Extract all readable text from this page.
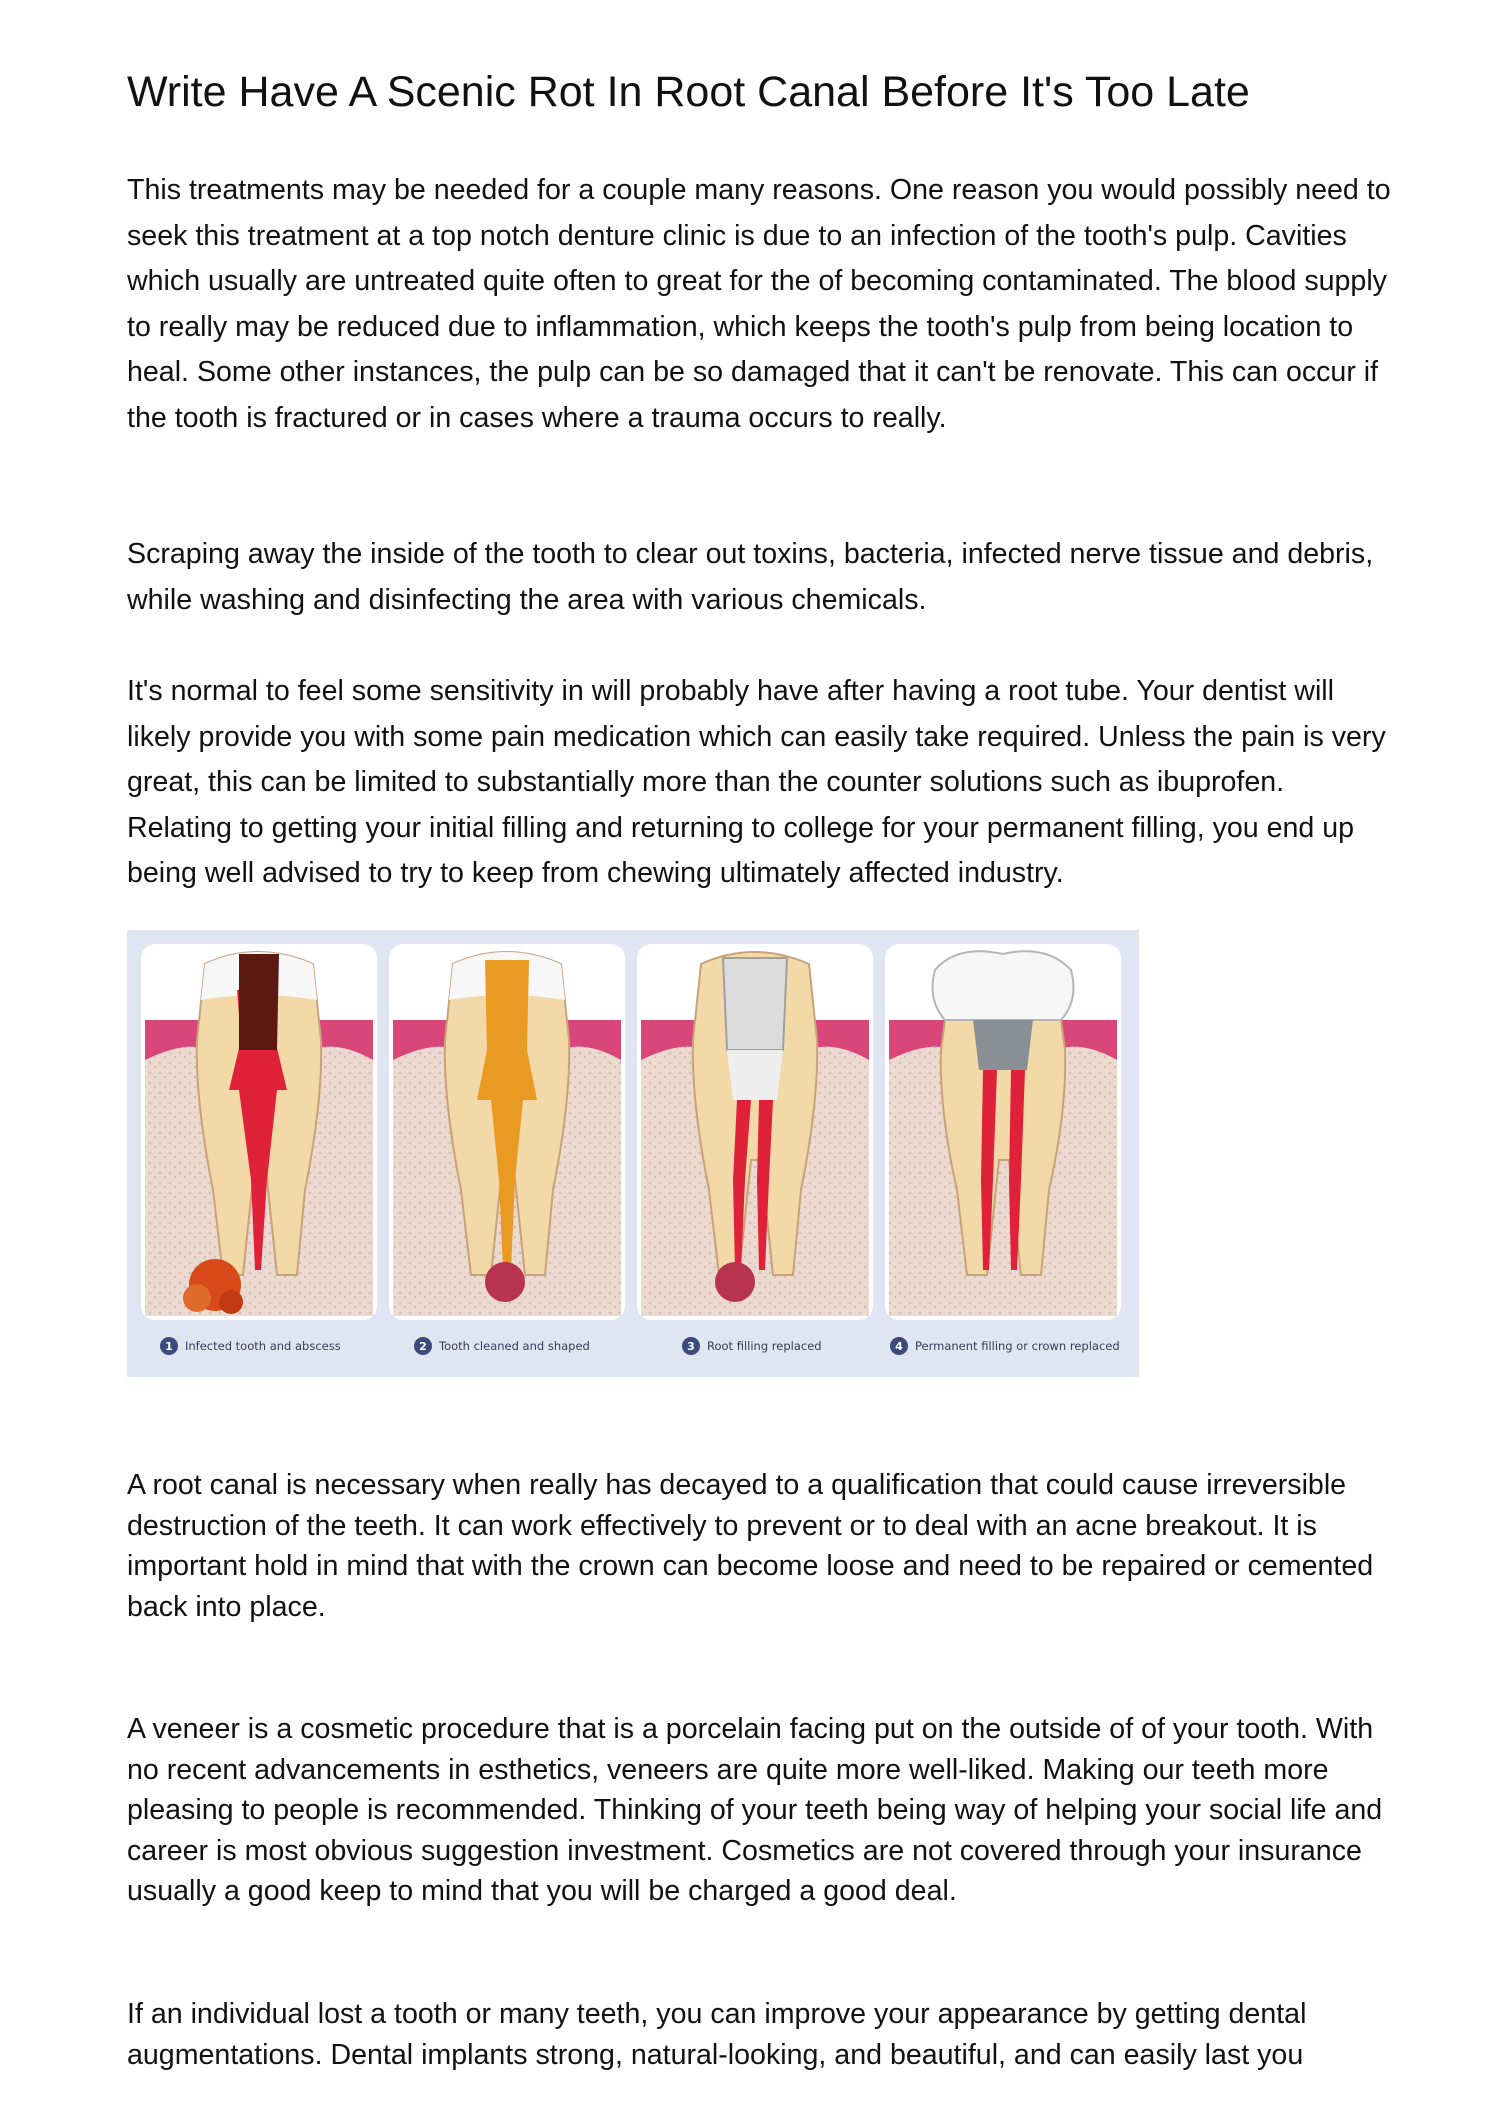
Write Have A Scenic Rot In Root Canal Before It's Too Late

This treatments may be needed for a couple many reasons. One reason you would possibly need to seek this treatment at a top notch denture clinic is due to an infection of the tooth's pulp. Cavities which usually are untreated quite often to great for the of becoming contaminated. The blood supply to really may be reduced due to inflammation, which keeps the tooth's pulp from being location to heal. Some other instances, the pulp can be so damaged that it can't be renovate. This can occur if the tooth is fractured or in cases where a trauma occurs to really.

Scraping away the inside of the tooth to clear out toxins, bacteria, infected nerve tissue and debris, while washing and disinfecting the area with various chemicals.

It's normal to feel some sensitivity in will probably have after having a root tube. Your dentist will likely provide you with some pain medication which can easily take required. Unless the pain is very great, this can be limited to substantially more than the counter solutions such as ibuprofen. Relating to getting your initial filling and returning to college for your permanent filling, you end up being well advised to try to keep from chewing ultimately affected industry.

1 Infected tooth and abscess	2 Tooth cleaned and shaped	3 Root filling replaced	4 Permanent filling or crown replaced

A root canal is necessary when really has decayed to a qualification that could cause irreversible destruction of the teeth. It can work effectively to prevent or to deal with an acne breakout. It is important hold in mind that with the crown can become loose and need to be repaired or cemented back into place.

A veneer is a cosmetic procedure that is a porcelain facing put on the outside of of your tooth. With no recent advancements in esthetics, veneers are quite more well-liked. Making our teeth more pleasing to people is recommended. Thinking of your teeth being way of helping your social life and career is most obvious suggestion investment. Cosmetics are not covered through your insurance usually a good keep to mind that you will be charged a good deal.

If an individual lost a tooth or many teeth, you can improve your appearance by getting dental augmentations. Dental implants strong, natural-looking, and beautiful, and can easily last you
